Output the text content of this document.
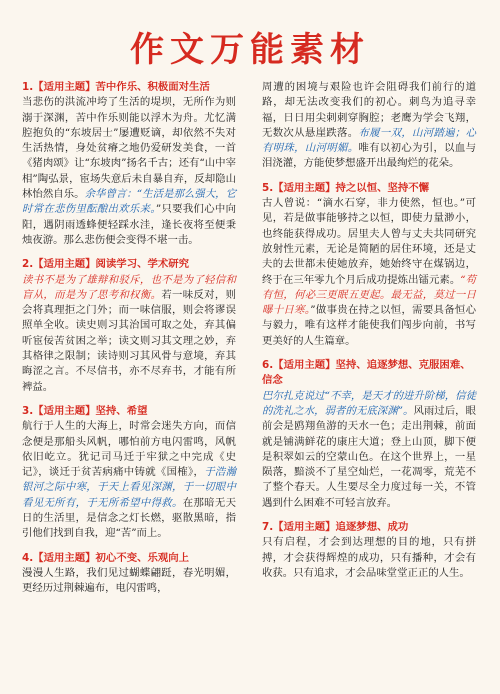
作文万能素材
1.【适用主题】苦中作乐、积极面对生活
当悲伤的洪流冲垮了生活的堤坝，无所作为则溺于深渊，苦中作乐则能以浮木为舟。尤忆满腔抱负的“东坡居士”屡遭贬谪，却依然不失对生活热情，身处贫瘠之地仍爱研发美食，一首《猪肉颂》让“东坡肉”扬名千古；还有“山中宰相”陶弘景，宦场失意后未自暴自弃，反却隐山林怡然自乐。余华曾言：“生活是那么强大，它时常在悲伤里酝酿出欢乐来。”只要我们心中向阳，遇阴雨透蜂便轻踩水洼，逢长夜将至便秉烛夜游。那么悲伤便会变得不堪一击。
2.【适用主题】阅读学习、学术研究
读书不是为了雄辩和驳斥，也不是为了轻信和盲从，而是为了思考和权衡。若一味反对，则会将真理拒之门外；而一味信服，则会将谬误照单全收。读史则习其治国可取之处，弃其偏听宦佞苦贫困之举；读文则习其文理之妙，弃其格律之限制；读诗则习其风骨与意境，弃其晦涩之言。不尽信书，亦不尽弃书，才能有所裨益。
3.【适用主题】坚持、希望
航行于人生的大海上，时常会迷失方向，而信念便是那船头风帆，哪怕前方电闪雷鸣，风帆依旧屹立。犹记司马迁于牢狱之中完成《史记》，谈迁于贫苦病痛中铸就《国榷》，于浩瀚银河之际中寒，于天上看见深渊，于一切眼中看见无所有，于无所希望中得救。在那暗无天日的生活里，是信念之灯长燃，驱散黑暗，指引他们找到自我，迎“苦”而上。
4.【适用主题】初心不变、乐观向上
漫漫人生路，我们见过蝴蝶翩跹，春光明媚，更经历过荆棘遍布，电闪雷鸣，
周遭的困境与艰险也许会阻碍我们前行的道路，却无法改变我们的初心。刺鸟为追寻幸福，日日用尖刺刺穿胸腔；老鹰为学会飞翔，无数次从悬崖跌落。布履一双，山河踏遍；心有明珠，山河明媚。唯有以初心为引，以血与泪浇灌，方能使梦想盛开出最绚烂的花朵。
5.【适用主题】持之以恒、坚持不懈
古人曾说：“滴水石穿，非力使然，恒也。”可见，若是做事能够持之以恒，即使力量渺小，也终能获得成功。居里夫人曾与丈夫共同研究放射性元素，无论是简陋的居住环境，还是丈夫的去世都未使她放弃，她始终守在煤锅边，终于在三年零九个月后成功提炼出镭元素。“苟有恒，何必三更眠五更起。最无益，莫过一日曝十日寒。”做事贵在持之以恒，需要具备恒心与毅力，唯有这样才能使我们闯步向前，书写更美好的人生篇章。
6.【适用主题】坚持、追逐梦想、克服困难、信念
巴尔扎克说过“不幸，是天才的进升阶梯，信徒的洗礼之水，弱者的无底深渊”。风雨过后，眼前会是鸥翔鱼游的天水一色；走出荆棘，前面就是铺满鲜花的康庄大道；登上山顶，脚下便是积翠如云的空蒙山色。在这个世界上，一星陨落，黯淡不了星空灿烂，一花凋零，荒芜不了整个春天。人生要尽全力度过每一关，不管遇到什么困难不可轻言放弃。
7.【适用主题】追逐梦想、成功
只有启程，才会到达理想的目的地，只有拼搏，才会获得辉煌的成功，只有播种，才会有收获。只有追求，才会品味堂堂正正的人生。
